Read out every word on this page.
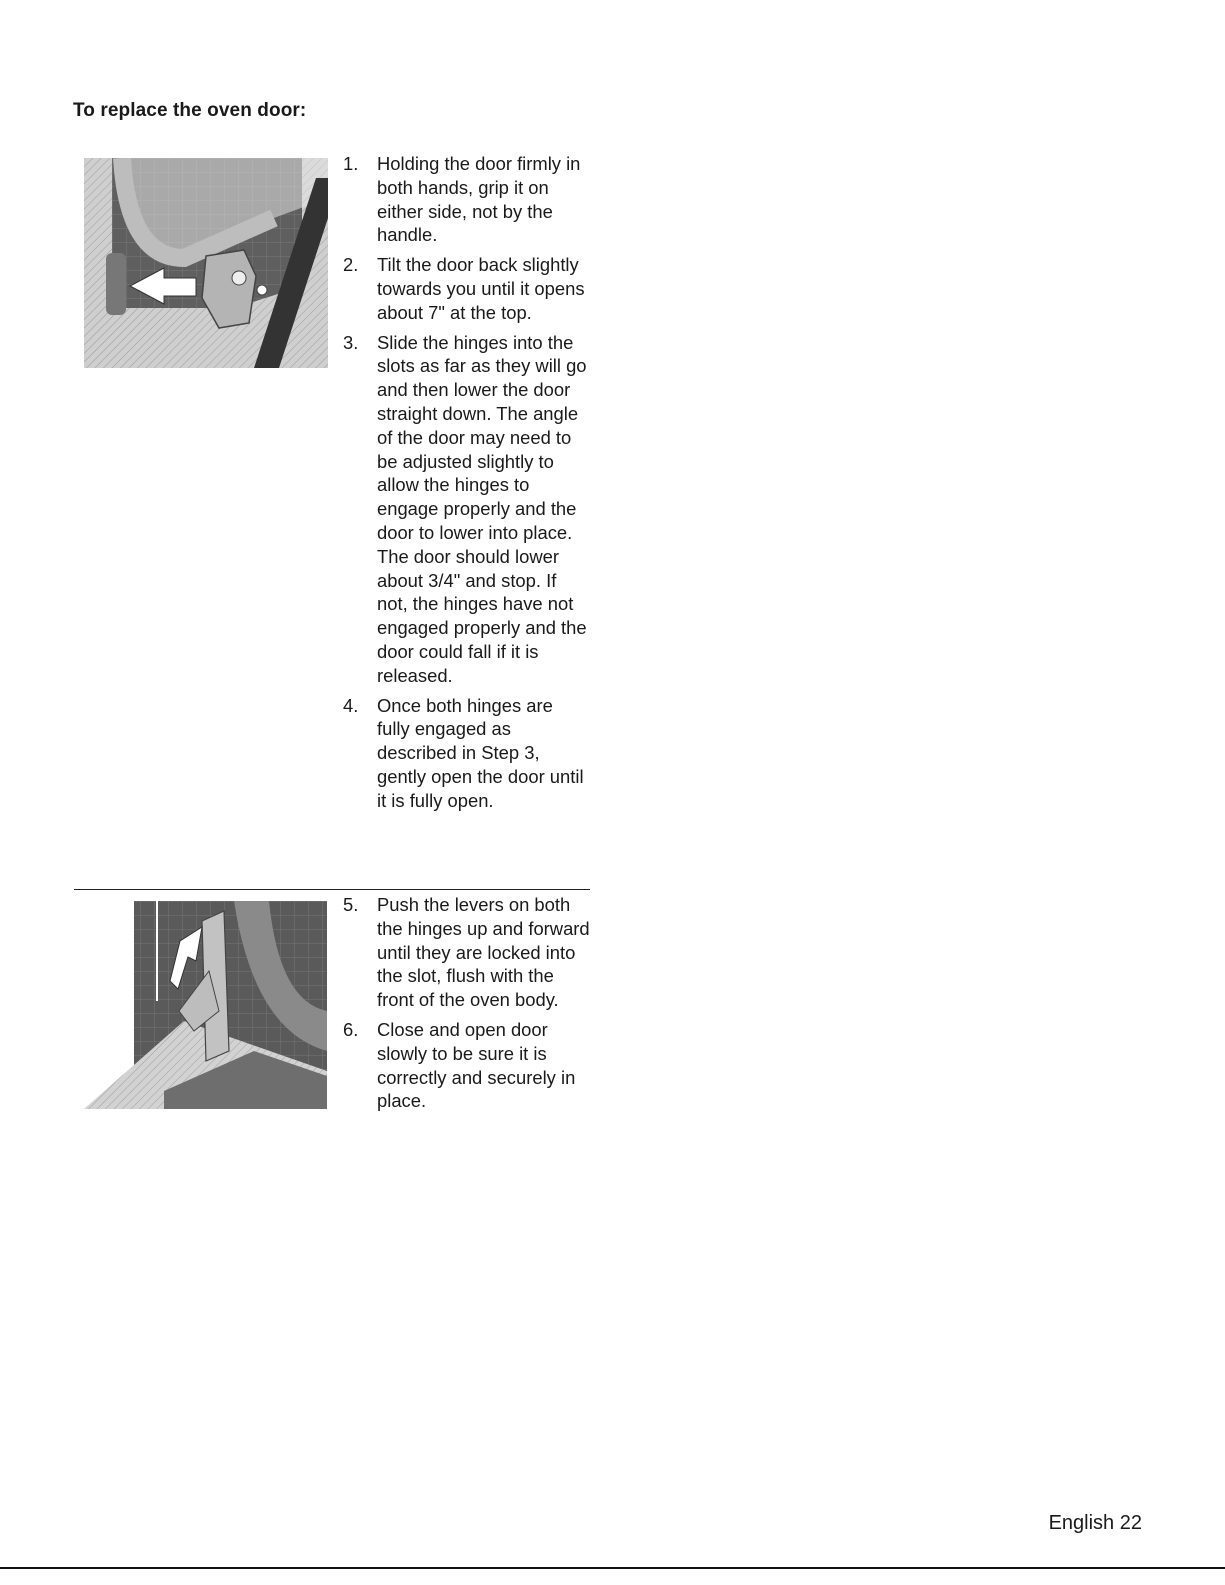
To replace the oven door:
1. Holding the door firmly in both hands, grip it on either side, not by the handle.
2. Tilt the door back slightly towards you until it opens about 7" at the top.
3. Slide the hinges into the slots as far as they will go and then lower the door straight down. The angle of the door may need to be adjusted slightly to allow the hinges to engage properly and the door to lower into place. The door should lower about 3/4" and stop. If not, the hinges have not engaged properly and the door could fall if it is released.
4. Once both hinges are fully engaged as described in Step 3, gently open the door until it is fully open.
5. Push the levers on both the hinges up and forward until they are locked into the slot, flush with the front of the oven body.
6. Close and open door slowly to be sure it is correctly and securely in place.
English 22
